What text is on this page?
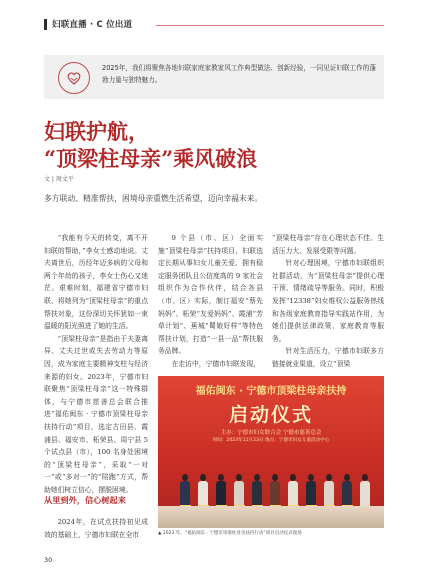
妇联直播 · C 位出道
2025年，我们将聚焦各地妇联家庭家教家风工作典型做法、创新经验，一同见证妇联工作的蓬勃力量与独特魅力。
妇联护航，
“顶梁柱母亲”乘风破浪
文 | 周文平
多方联动、精准帮扶，困境母亲重燃生活希望，迈向幸福未来。

“我能有今天的转变，离不开妇联的帮助，”李女士感动地说。丈夫离世后，历经年迈多病的父母和两个年幼的孩子，李女士伤心又迷茫。艰难时刻，福建省宁德市妇联、将她列为“顶梁柱母亲”的重点帮扶对象，这份深切关怀犹如一束温暖的阳光照进了她的生活。

“顶梁柱母亲”是指由于夫妻离异、丈夫过世或失去劳动力等原因，成为家庭主要精神支柱与经济来源的妇女。2023年，宁德市妇联聚焦“顶梁柱母亲”这一特殊群体，与宁德市慈善总会联合推进“福佑闽东 · 宁德市顶梁柱母亲扶持行动”项目，选定古田县、霞浦县、福安市、柘荣县、周宁县 5 个试点县（市），100 名身处困境的“顶梁柱母亲”，采取“一对一”或“多对一”的“陪跑”方式，帮助她们树立信心，摆脱困境。

从里到外，信心树起来

2024年，在试点扶持初见成效的基础上，宁德市妇联在全市

9 个县（市、区）全面实施“顶梁柱母亲”扶持项目，妇联选定长期从事妇女儿童关爱、拥有稳定服务团队且公信度高的 9 家社会组织作为合作伙伴，结合各县（市、区）实际，制订福安“蔡先妈妈”、柘荣“友爱妈妈”、霞浦“芳草计划”、蕉城“蜀娘好样”等特色帮扶计划，打造“一县一品”帮扶服务品牌。

在走访中，宁德市妇联发现，

“顶梁柱母亲”存在心理状态不佳、生活压力大、发展受限等问题。

针对心理困境，宁德市妇联组织社群活动，为“顶梁柱母亲”提供心理干预、情绪疏导等服务。同时，积极发挥“12338”妇女维权公益服务热线和各级家庭教育指导实践站作用，为她们提供法律政策、家庭教育等服务。

针对生活压力，宁德市妇联多方链接就业渠道，设立“顶梁

福佑闽东 · 宁德市顶梁柱母亲扶持
启动仪式
主办：宁德市妇女联合会 宁德市慈善总会
时间：2023年11月23日 地点：宁德市妇女儿童活动中心
▲ 2023 年，“福佑闽东 · 宁德市顶梁柱母亲扶持行动”项目启动仪式现场
30
